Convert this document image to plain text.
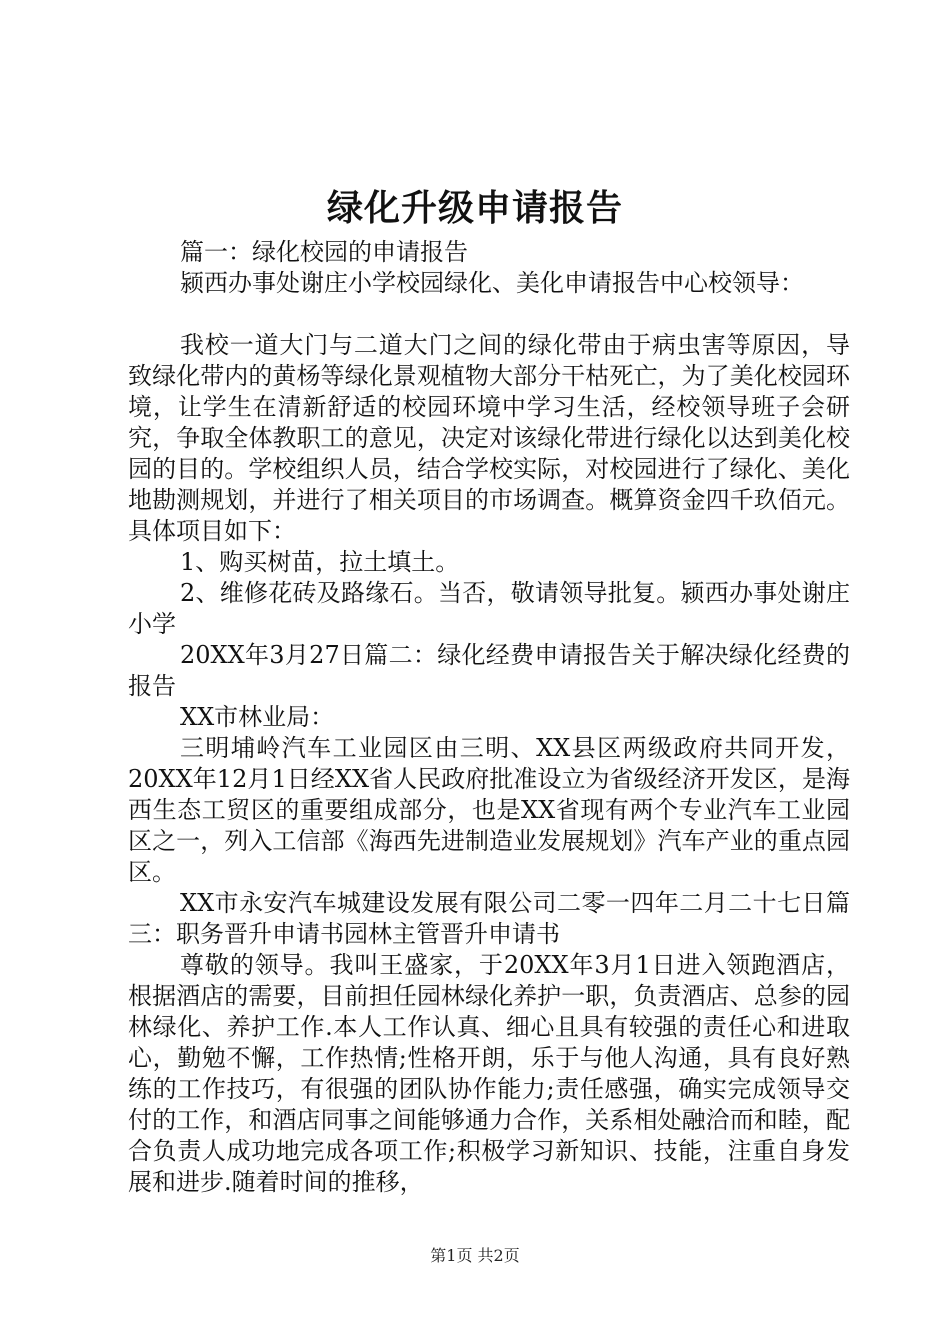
绿化升级申请报告

篇一：绿化校园的申请报告

颍西办事处谢庄小学校园绿化、美化申请报告中心校领导：

我校一道大门与二道大门之间的绿化带由于病虫害等原因，导致绿化带内的黄杨等绿化景观植物大部分干枯死亡，为了美化校园环境，让学生在清新舒适的校园环境中学习生活，经校领导班子会研究，争取全体教职工的意见，决定对该绿化带进行绿化以达到美化校园的目的。学校组织人员，结合学校实际，对校园进行了绿化、美化地勘测规划，并进行了相关项目的市场调查。概算资金四千玖佰元。具体项目如下：

1、购买树苗，拉土填土。

2、维修花砖及路缘石。当否，敬请领导批复。颍西办事处谢庄小学

20XX年3月27日篇二：绿化经费申请报告关于解决绿化经费的报告

XX市林业局：

三明埔岭汽车工业园区由三明、XX县区两级政府共同开发，20XX年12月1日经XX省人民政府批准设立为省级经济开发区，是海西生态工贸区的重要组成部分，也是XX省现有两个专业汽车工业园区之一，列入工信部《海西先进制造业发展规划》汽车产业的重点园区。

XX市永安汽车城建设发展有限公司二零一四年二月二十七日篇三：职务晋升申请书园林主管晋升申请书

尊敬的领导。我叫王盛家，于20XX年3月1日进入领跑酒店，根据酒店的需要，目前担任园林绿化养护一职，负责酒店、总参的园林绿化、养护工作.本人工作认真、细心且具有较强的责任心和进取心，勤勉不懈，工作热情;性格开朗，乐于与他人沟通，具有良好熟练的工作技巧，有很强的团队协作能力;责任感强，确实完成领导交付的工作，和酒店同事之间能够通力合作，关系相处融洽而和睦，配合负责人成功地完成各项工作;积极学习新知识、技能，注重自身发展和进步.随着时间的推移，

第1页 共2页
